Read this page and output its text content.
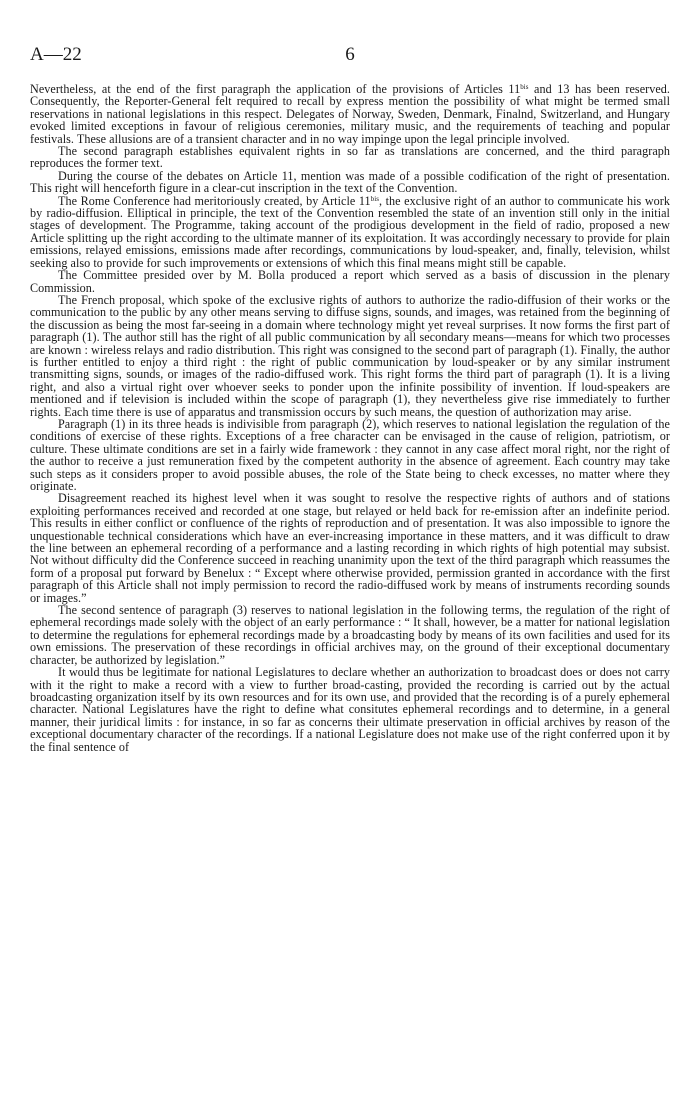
A—22	6

Nevertheless, at the end of the first paragraph the application of the provisions of Articles $11^{bis}$ and 13 has been reserved. Consequently, the Reporter-General felt required to recall by express mention the possibility of what might be termed small reservations in national legislations in this respect. Delegates of Norway, Sweden, Denmark, Finalnd, Switzerland, and Hungary evoked limited exceptions in favour of religious ceremonies, military music, and the requirements of teaching and popular festivals. These allusions are of a transient character and in no way impinge upon the legal principle involved.

The second paragraph establishes equivalent rights in so far as translations are concerned, and the third paragraph reproduces the former text.

During the course of the debates on Article 11, mention was made of a possible codification of the right of presentation. This right will henceforth figure in a clear-cut inscription in the text of the Convention.

The Rome Conference had meritoriously created, by Article $11^{bis}$, the exclusive right of an author to communicate his work by radio-diffusion. Elliptical in principle, the text of the Convention resembled the state of an invention still only in the initial stages of development. The Programme, taking account of the prodigious development in the field of radio, proposed a new Article splitting up the right according to the ultimate manner of its exploitation. It was accordingly necessary to provide for plain emissions, relayed emissions, emissions made after recordings, communications by loud-speaker, and, finally, television, whilst seeking also to provide for such improvements or extensions of which this final means might still be capable.

The Committee presided over by M. Bolla produced a report which served as a basis of discussion in the plenary Commission.

The French proposal, which spoke of the exclusive rights of authors to authorize the radio-diffusion of their works or the communication to the public by any other means serving to diffuse signs, sounds, and images, was retained from the beginning of the discussion as being the most far-seeing in a domain where technology might yet reveal surprises. It now forms the first part of paragraph (1). The author still has the right of all public communication by all secondary means—means for which two processes are known : wireless relays and radio distribution. This right was consigned to the second part of paragraph (1). Finally, the author is further entitled to enjoy a third right : the right of public communication by loud-speaker or by any similar instrument transmitting signs, sounds, or images of the radio-diffused work. This right forms the third part of paragraph (1). It is a living right, and also a virtual right over whoever seeks to ponder upon the infinite possibility of invention. If loud-speakers are mentioned and if television is included within the scope of paragraph (1), they nevertheless give rise immediately to further rights. Each time there is use of apparatus and transmission occurs by such means, the question of authorization may arise.

Paragraph (1) in its three heads is indivisible from paragraph (2), which reserves to national legislation the regulation of the conditions of exercise of these rights. Exceptions of a free character can be envisaged in the cause of religion, patriotism, or culture. These ultimate conditions are set in a fairly wide framework : they cannot in any case affect moral right, nor the right of the author to receive a just remuneration fixed by the competent authority in the absence of agreement. Each country may take such steps as it considers proper to avoid possible abuses, the role of the State being to check excesses, no matter where they originate.

Disagreement reached its highest level when it was sought to resolve the respective rights of authors and of stations exploiting performances received and recorded at one stage, but relayed or held back for re-emission after an indefinite period. This results in either conflict or confluence of the rights of reproduction and of presentation. It was also impossible to ignore the unquestionable technical considerations which have an ever-increasing importance in these matters, and it was difficult to draw the line between an ephemeral recording of a performance and a lasting recording in which rights of high potential may subsist. Not without difficulty did the Conference succeed in reaching unanimity upon the text of the third paragraph which reassumes the form of a proposal put forward by Benelux : “ Except where otherwise provided, permission granted in accordance with the first paragraph of this Article shall not imply permission to record the radio-diffused work by means of instruments recording sounds or images.”

The second sentence of paragraph (3) reserves to national legislation in the following terms, the regulation of the right of ephemeral recordings made solely with the object of an early performance : “ It shall, however, be a matter for national legislation to determine the regulations for ephemeral recordings made by a broadcasting body by means of its own facilities and used for its own emissions. The preservation of these recordings in official archives may, on the ground of their exceptional documentary character, be authorized by legislation.”

It would thus be legitimate for national Legislatures to declare whether an authorization to broadcast does or does not carry with it the right to make a record with a view to further broad-casting, provided the recording is carried out by the actual broadcasting organization itself by its own resources and for its own use, and provided that the recording is of a purely ephemeral character. National Legislatures have the right to define what consitutes ephemeral recordings and to determine, in a general manner, their juridical limits : for instance, in so far as concerns their ultimate preservation in official archives by reason of the exceptional documentary character of the recordings. If a national Legislature does not make use of the right conferred upon it by the final sentence of
